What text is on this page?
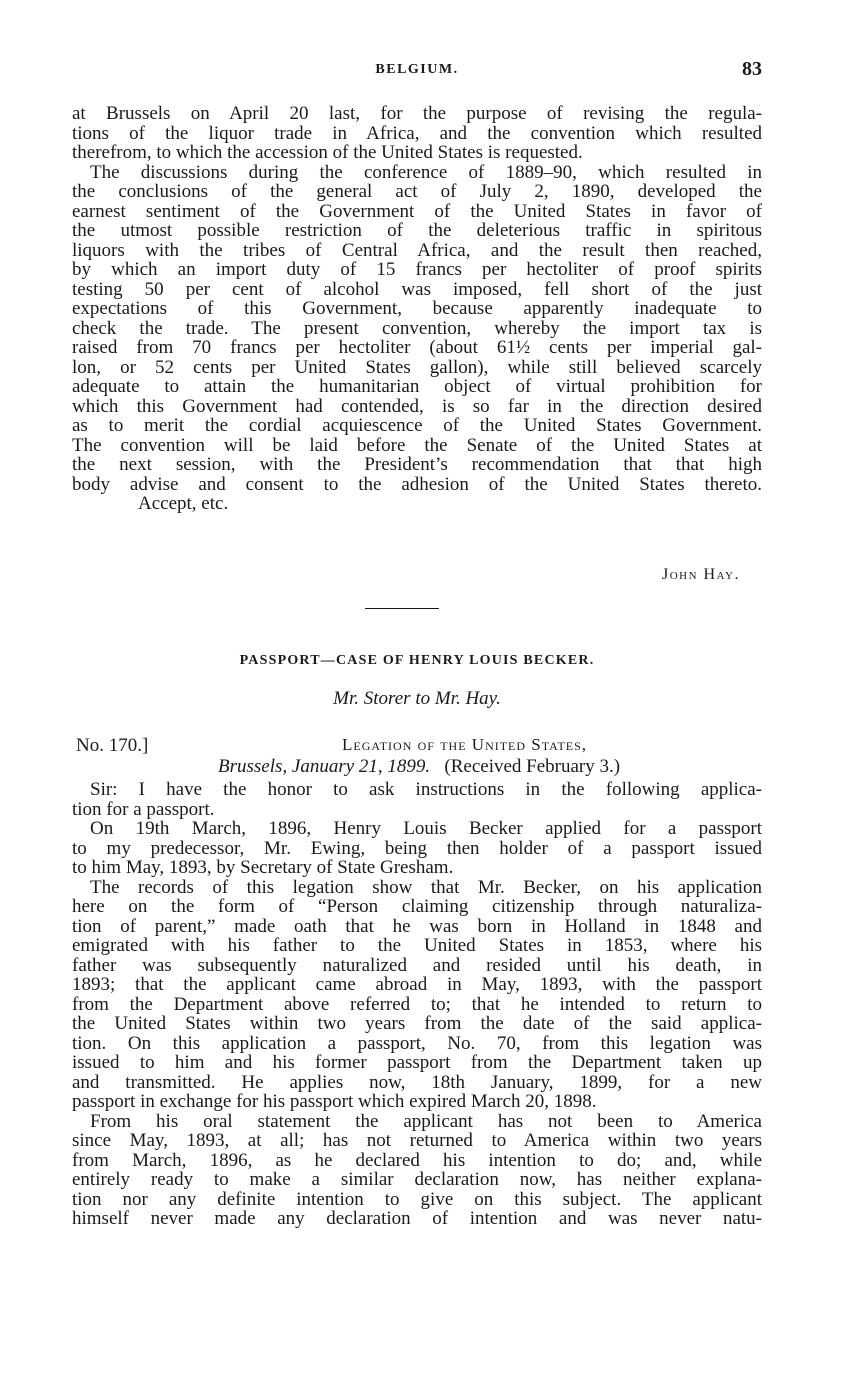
BELGIUM.	83
at Brussels on April 20 last, for the purpose of revising the regula-
tions of the liquor trade in Africa, and the convention which resulted
therefrom, to which the accession of the United States is requested.
The discussions during the conference of 1889–90, which resulted in
the conclusions of the general act of July 2, 1890, developed the
earnest sentiment of the Government of the United States in favor of
the utmost possible restriction of the deleterious traffic in spiritous
liquors with the tribes of Central Africa, and the result then reached,
by which an import duty of 15 francs per hectoliter of proof spirits
testing 50 per cent of alcohol was imposed, fell short of the just
expectations of this Government, because apparently inadequate to
check the trade. The present convention, whereby the import tax is
raised from 70 francs per hectoliter (about 61½ cents per imperial gal-
lon, or 52 cents per United States gallon), while still believed scarcely
adequate to attain the humanitarian object of virtual prohibition for
which this Government had contended, is so far in the direction desired
as to merit the cordial acquiescence of the United States Government.
The convention will be laid before the Senate of the United States at
the next session, with the President’s recommendation that that high
body advise and consent to the adhesion of the United States thereto.
Accept, etc.
John Hay.
PASSPORT—CASE OF HENRY LOUIS BECKER.
Mr. Storer to Mr. Hay.
No. 170.]	Legation of the United States,
Brussels, January 21, 1899. (Received February 3.)
Sir: I have the honor to ask instructions in the following applica-
tion for a passport.
On 19th March, 1896, Henry Louis Becker applied for a passport
to my predecessor, Mr. Ewing, being then holder of a passport issued
to him May, 1893, by Secretary of State Gresham.
The records of this legation show that Mr. Becker, on his application
here on the form of “Person claiming citizenship through naturaliza-
tion of parent,” made oath that he was born in Holland in 1848 and
emigrated with his father to the United States in 1853, where his
father was subsequently naturalized and resided until his death, in
1893; that the applicant came abroad in May, 1893, with the passport
from the Department above referred to; that he intended to return to
the United States within two years from the date of the said applica-
tion. On this application a passport, No. 70, from this legation was
issued to him and his former passport from the Department taken up
and transmitted. He applies now, 18th January, 1899, for a new
passport in exchange for his passport which expired March 20, 1898.
From his oral statement the applicant has not been to America
since May, 1893, at all; has not returned to America within two years
from March, 1896, as he declared his intention to do; and, while
entirely ready to make a similar declaration now, has neither explana-
tion nor any definite intention to give on this subject. The applicant
himself never made any declaration of intention and was never natu-
